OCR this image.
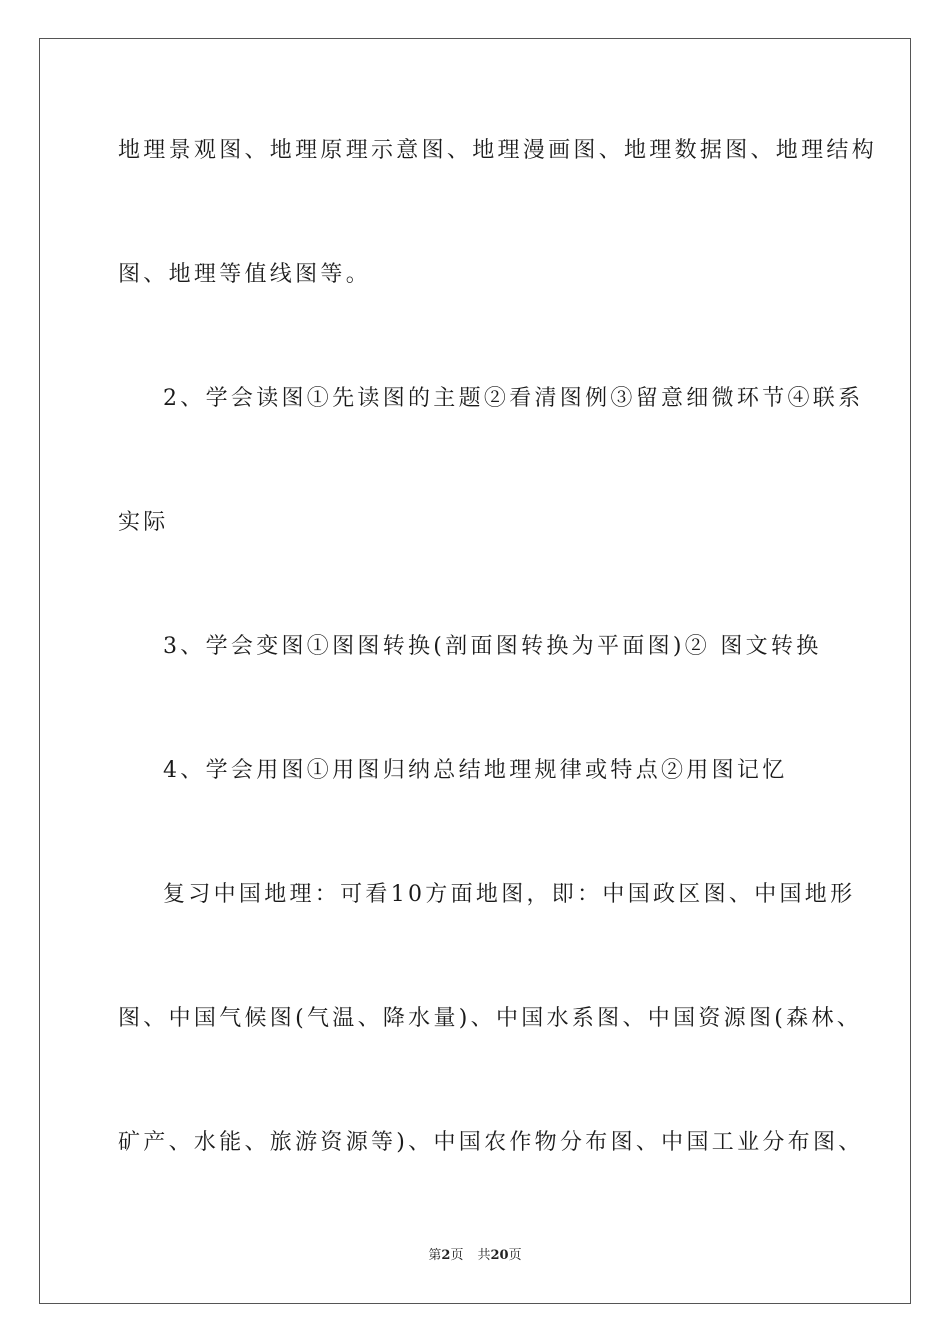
地理景观图、地理原理示意图、地理漫画图、地理数据图、地理结构
图、地理等值线图等。
2、学会读图①先读图的主题②看清图例③留意细微环节④联系
实际
3、学会变图①图图转换(剖面图转换为平面图)② 图文转换
4、学会用图①用图归纳总结地理规律或特点②用图记忆
复习中国地理：可看10方面地图，即：中国政区图、中国地形
图、中国气候图(气温、降水量)、中国水系图、中国资源图(森林、
矿产、水能、旅游资源等)、中国农作物分布图、中国工业分布图、
第2页 共20页
